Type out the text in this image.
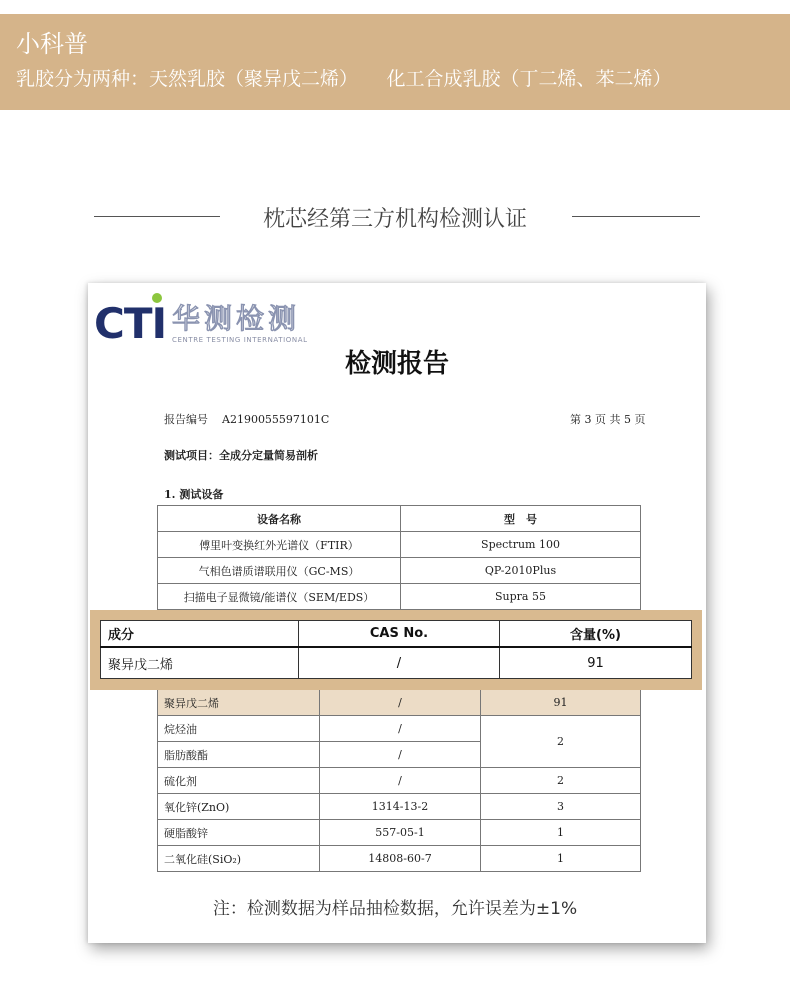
小科普
乳胶分为两种：天然乳胶（聚异戊二烯）　　化工合成乳胶（丁二烯、苯二烯）
枕芯经第三方机构检测认证
CTI 华测检测
CENTRE TESTING INTERNATIONAL
检测报告
报告编号 A2190055597101C	第 3 页 共 5 页
测试项目：全成分定量简易剖析
1. 测试设备
设备名称	型　号
傅里叶变换红外光谱仪（FTIR）	Spectrum 100
气相色谱质谱联用仪（GC-MS）	QP-2010Plus
扫描电子显微镜/能谱仪（SEM/EDS）	Supra 55
聚异戊二烯	/	91
烷烃油	/	2
脂肪酸酯	/	
硫化剂	/	2
氧化锌(ZnO)	1314-13-2	3
硬脂酸锌	557-05-1	1
二氧化硅(SiO₂)	14808-60-7	1
成分	CAS No.	含量(%)
聚异戊二烯	/	91
注：检测数据为样品抽检数据，允许误差为±1%
